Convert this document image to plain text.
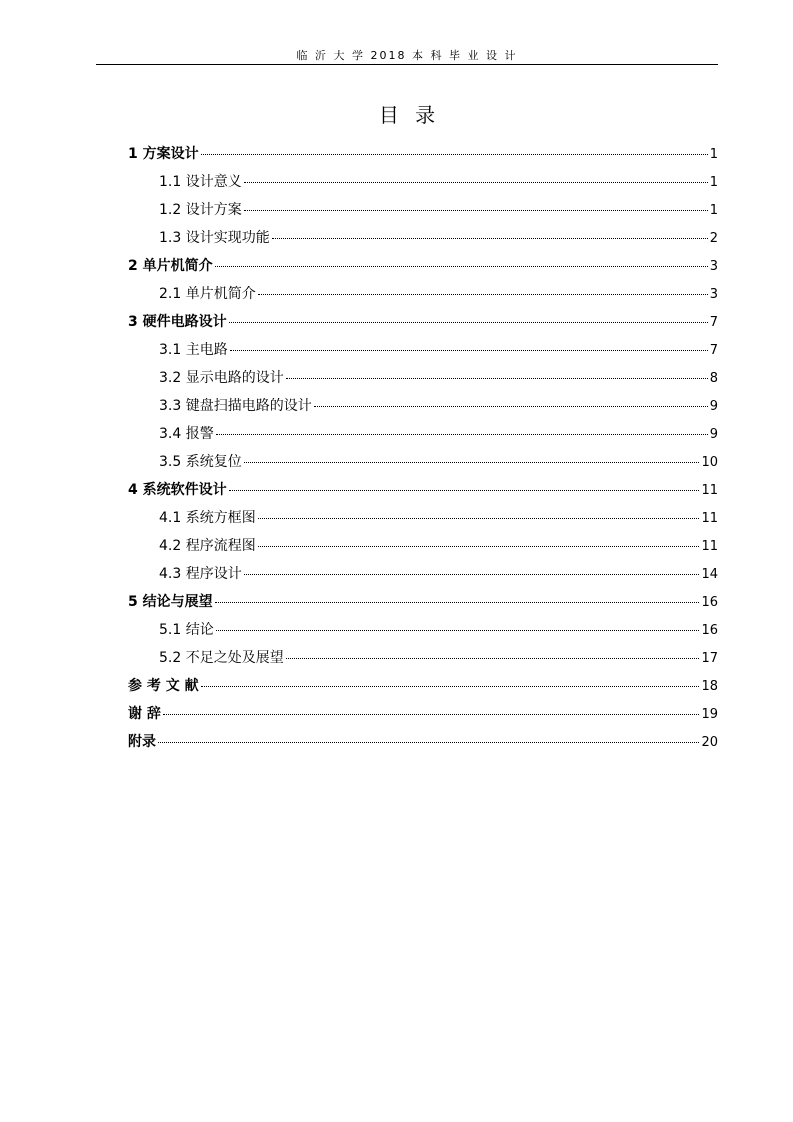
临 沂 大 学 2018 本 科 毕 业 设 计
目 录
1 方案设计	1
1.1 设计意义	1
1.2 设计方案	1
1.3 设计实现功能	2
2 单片机简介	3
2.1 单片机简介	3
3 硬件电路设计	7
3.1 主电路	7
3.2 显示电路的设计	8
3.3 键盘扫描电路的设计	9
3.4 报警	9
3.5 系统复位	10
4 系统软件设计	11
4.1 系统方框图	11
4.2 程序流程图	11
4.3 程序设计	14
5 结论与展望	16
5.1 结论	16
5.2 不足之处及展望	17
参 考 文 献	18
谢 辞	19
附录	20
